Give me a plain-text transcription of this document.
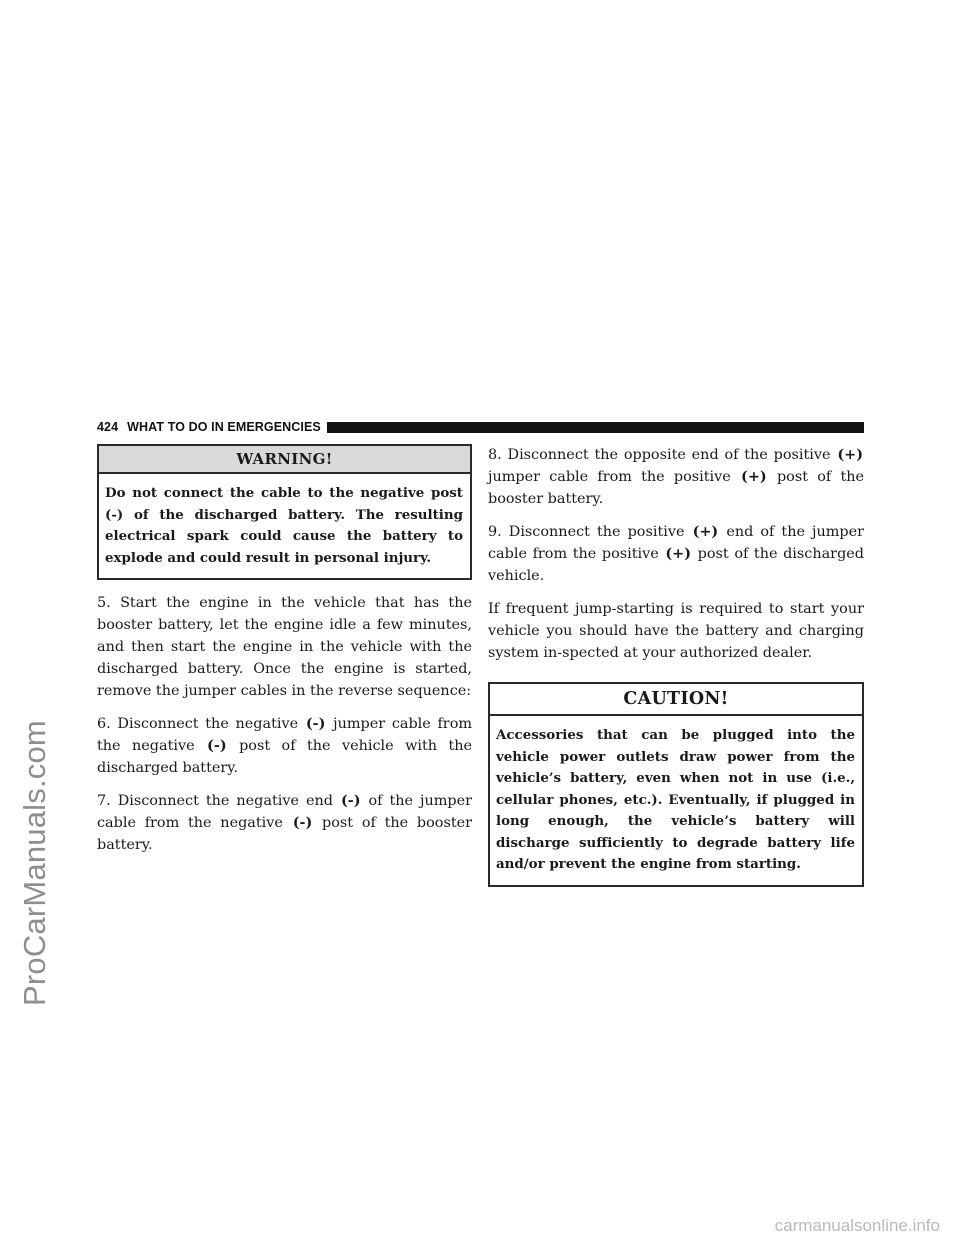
424 WHAT TO DO IN EMERGENCIES
WARNING!
Do not connect the cable to the negative post (-) of the discharged battery. The resulting electrical spark could cause the battery to explode and could result in personal injury.

5. Start the engine in the vehicle that has the booster battery, let the engine idle a few minutes, and then start the engine in the vehicle with the discharged battery. Once the engine is started, remove the jumper cables in the reverse sequence:

6. Disconnect the negative (-) jumper cable from the negative (-) post of the vehicle with the discharged battery.

7. Disconnect the negative end (-) of the jumper cable from the negative (-) post of the booster battery.

8. Disconnect the opposite end of the positive (+) jumper cable from the positive (+) post of the booster battery.

9. Disconnect the positive (+) end of the jumper cable from the positive (+) post of the discharged vehicle.

If frequent jump-starting is required to start your vehicle you should have the battery and charging system in-spected at your authorized dealer.

CAUTION!
Accessories that can be plugged into the vehicle power outlets draw power from the vehicle’s battery, even when not in use (i.e., cellular phones, etc.). Eventually, if plugged in long enough, the vehicle’s battery will discharge sufficiently to degrade battery life and/or prevent the engine from starting.
ProCarManuals.com
carmanualsonline.info
